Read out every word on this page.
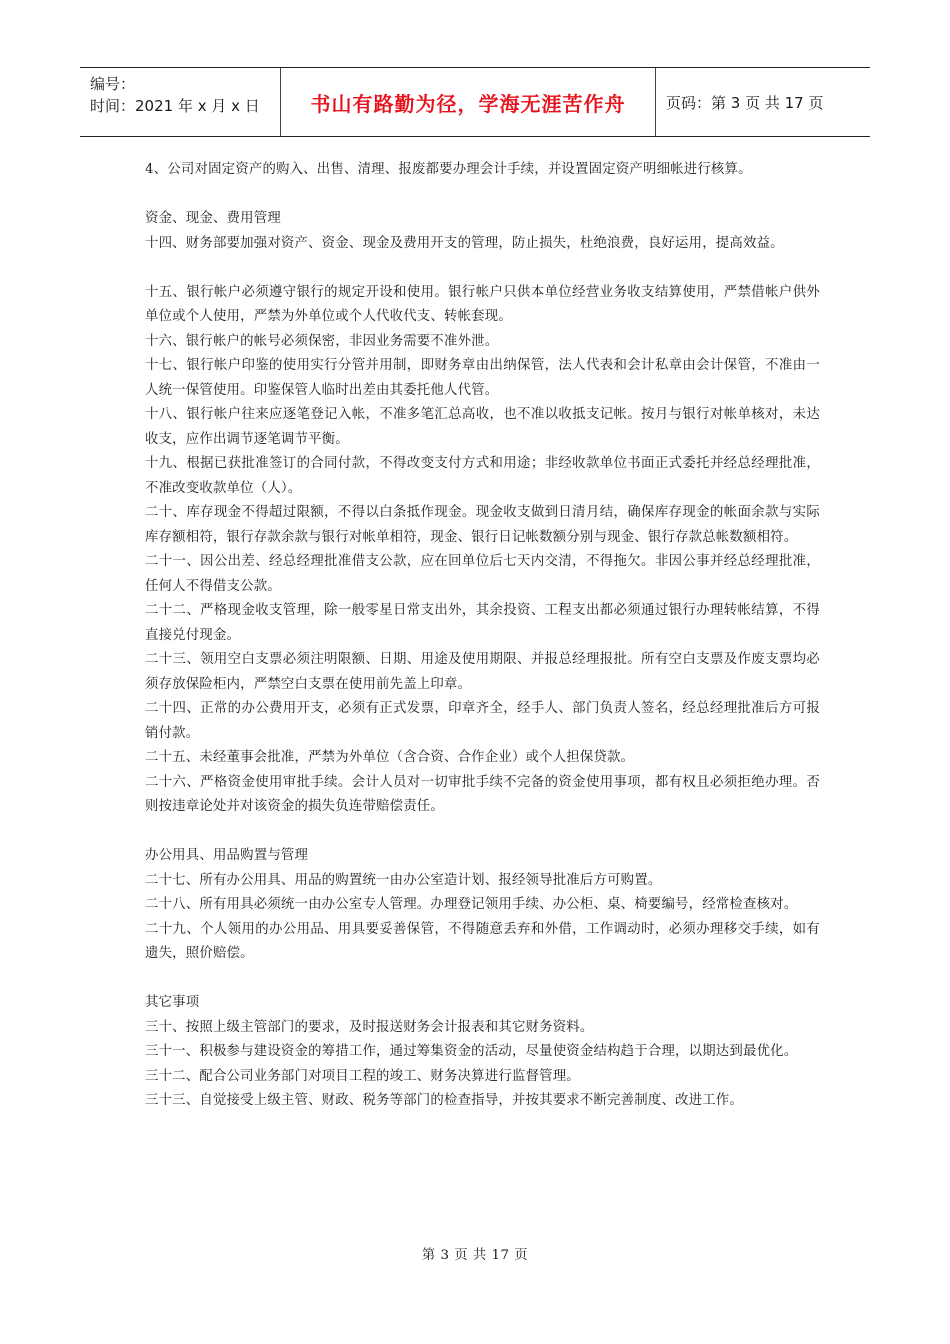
编号：
时间：2021 年 x 月 x 日	书山有路勤为径，学海无涯苦作舟	页码：第 3 页 共 17 页

4、公司对固定资产的购入、出售、清理、报废都要办理会计手续，并设置固定资产明细帐进行核算。

资金、现金、费用管理

十四、财务部要加强对资产、资金、现金及费用开支的管理，防止损失，杜绝浪费，良好运用，提高效益。

十五、银行帐户必须遵守银行的规定开设和使用。银行帐户只供本单位经营业务收支结算使用，严禁借帐户供外单位或个人使用，严禁为外单位或个人代收代支、转帐套现。

十六、银行帐户的帐号必须保密，非因业务需要不准外泄。

十七、银行帐户印鉴的使用实行分管并用制，即财务章由出纳保管，法人代表和会计私章由会计保管，不准由一人统一保管使用。印鉴保管人临时出差由其委托他人代管。

十八、银行帐户往来应逐笔登记入帐，不准多笔汇总高收，也不准以收抵支记帐。按月与银行对帐单核对，未达收支，应作出调节逐笔调节平衡。

十九、根据已获批准签订的合同付款，不得改变支付方式和用途；非经收款单位书面正式委托并经总经理批准，不准改变收款单位（人）。

二十、库存现金不得超过限额，不得以白条抵作现金。现金收支做到日清月结，确保库存现金的帐面余款与实际库存额相符，银行存款余款与银行对帐单相符，现金、银行日记帐数额分别与现金、银行存款总帐数额相符。

二十一、因公出差、经总经理批准借支公款，应在回单位后七天内交清，不得拖欠。非因公事并经总经理批准，任何人不得借支公款。

二十二、严格现金收支管理，除一般零星日常支出外，其余投资、工程支出都必须通过银行办理转帐结算，不得直接兑付现金。

二十三、领用空白支票必须注明限额、日期、用途及使用期限、并报总经理报批。所有空白支票及作废支票均必须存放保险柜内，严禁空白支票在使用前先盖上印章。

二十四、正常的办公费用开支，必须有正式发票，印章齐全，经手人、部门负责人签名，经总经理批准后方可报销付款。

二十五、未经董事会批准，严禁为外单位（含合资、合作企业）或个人担保贷款。

二十六、严格资金使用审批手续。会计人员对一切审批手续不完备的资金使用事项，都有权且必须拒绝办理。否则按违章论处并对该资金的损失负连带赔偿责任。

办公用具、用品购置与管理

二十七、所有办公用具、用品的购置统一由办公室造计划、报经领导批准后方可购置。

二十八、所有用具必须统一由办公室专人管理。办理登记领用手续、办公柜、桌、椅要编号，经常检查核对。

二十九、个人领用的办公用品、用具要妥善保管，不得随意丢弃和外借，工作调动时，必须办理移交手续，如有遗失，照价赔偿。

其它事项

三十、按照上级主管部门的要求，及时报送财务会计报表和其它财务资料。

三十一、积极参与建设资金的筹措工作，通过筹集资金的活动，尽量使资金结构趋于合理，以期达到最优化。

三十二、配合公司业务部门对项目工程的竣工、财务决算进行监督管理。

三十三、自觉接受上级主管、财政、税务等部门的检查指导，并按其要求不断完善制度、改进工作。

第 3 页 共 17 页
